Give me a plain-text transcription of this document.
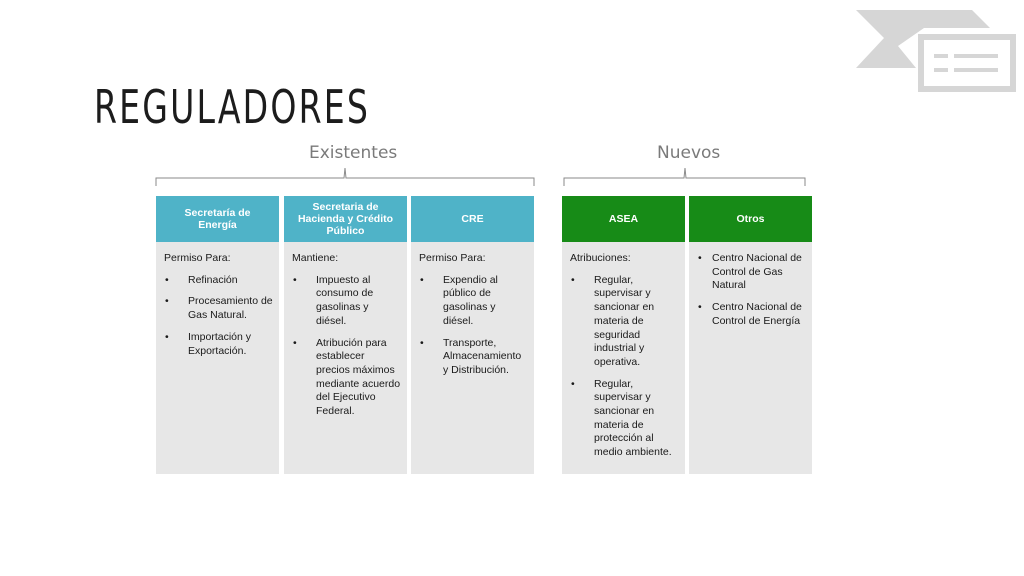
REGULADORES
Existentes	Nuevos
Secretaría de Energía
Permiso Para:
• Refinación
• Procesamiento de Gas Natural.
• Importación y Exportación.
Secretaria de Hacienda y Crédito Público
Mantiene:
• Impuesto al consumo de gasolinas y diésel.
• Atribución para establecer precios máximos mediante acuerdo del Ejecutivo Federal.
CRE
Permiso Para:
• Expendio al público de gasolinas y diésel.
• Transporte, Almacenamiento y Distribución.
ASEA
Atribuciones:
• Regular, supervisar y sancionar en materia de seguridad industrial y operativa.
• Regular, supervisar y sancionar en materia de protección al medio ambiente.
Otros
• Centro Nacional de Control de Gas Natural
• Centro Nacional de Control de Energía
